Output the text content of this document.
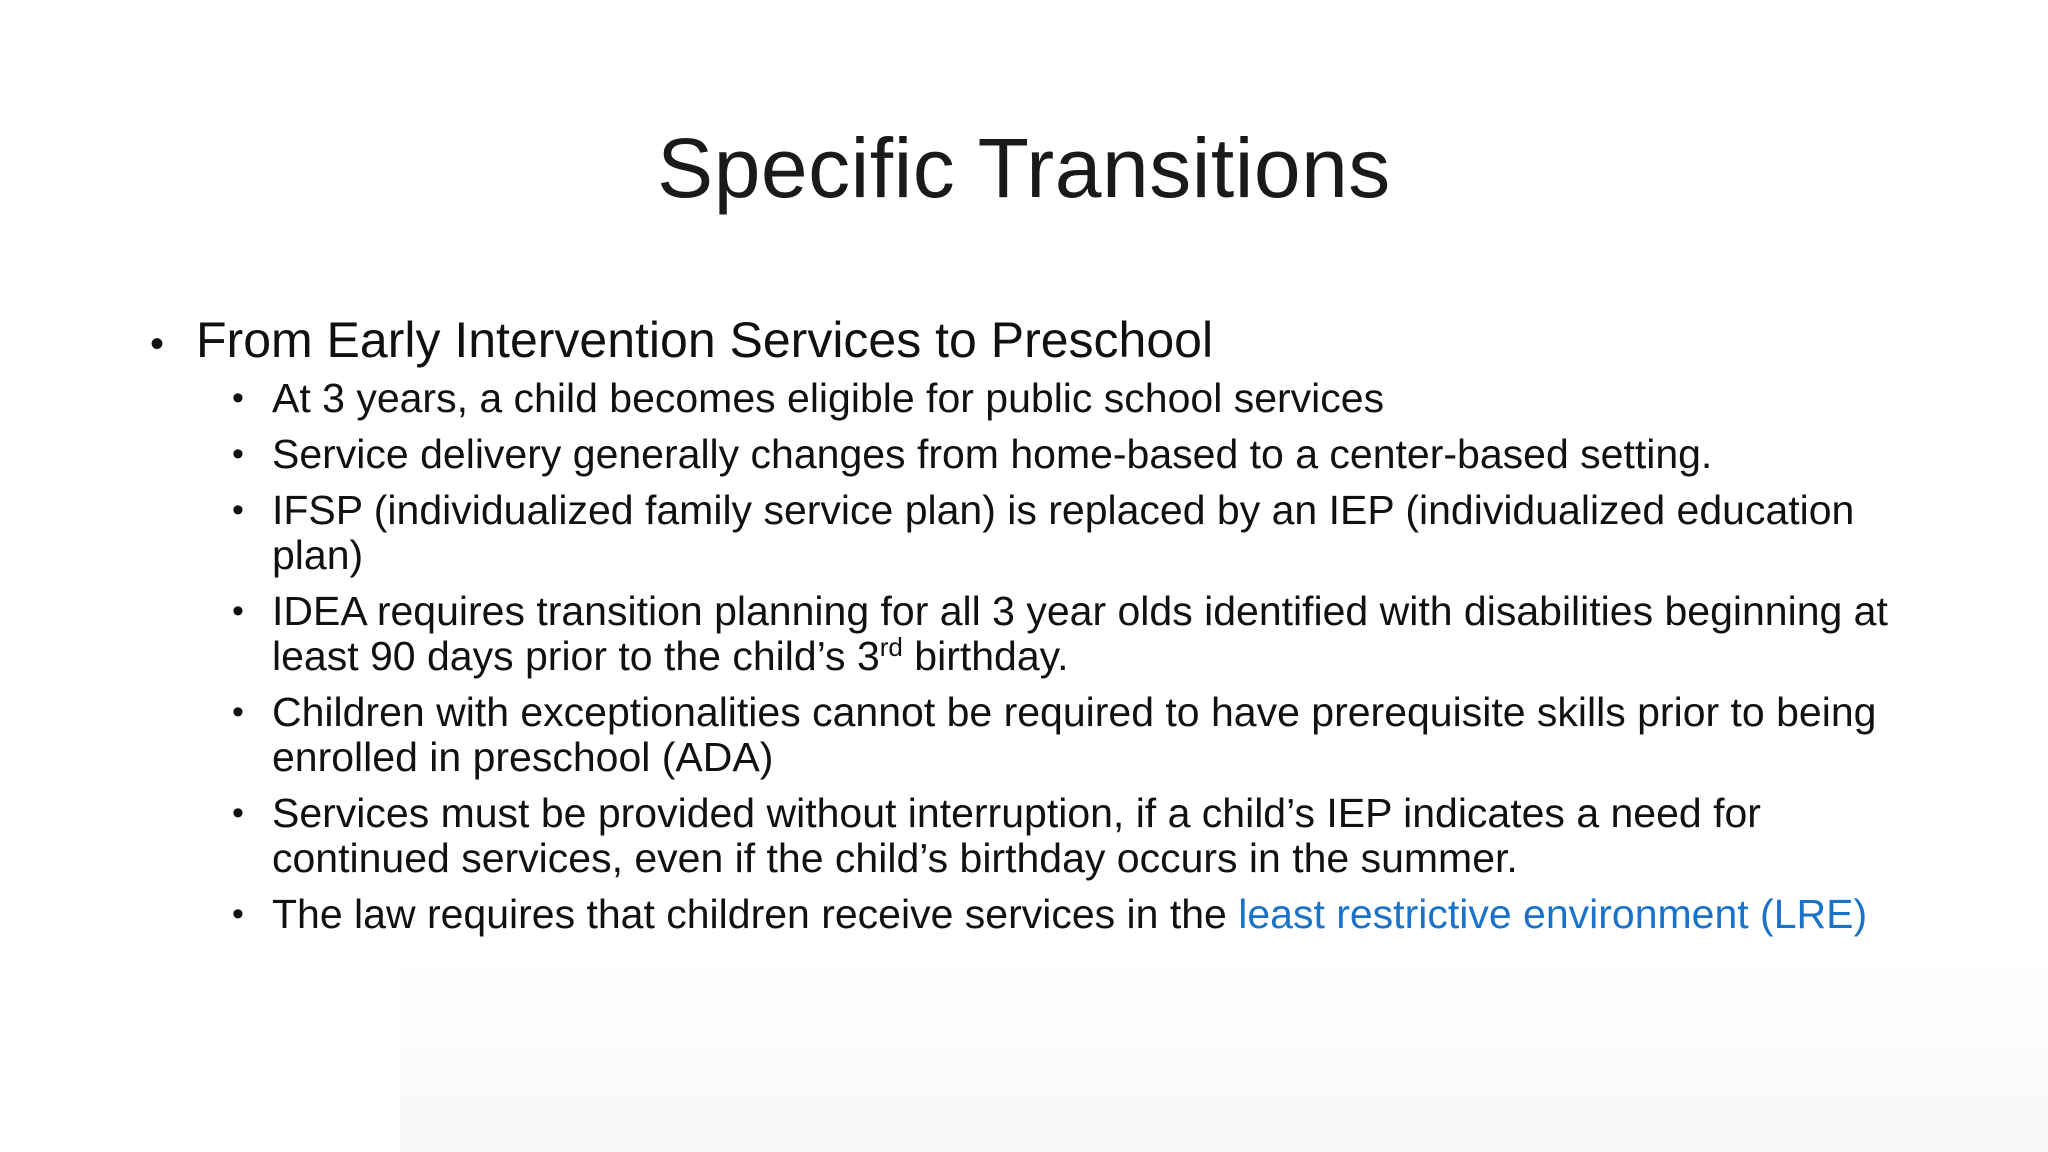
Specific Transitions
• From Early Intervention Services to Preschool
• At 3 years, a child becomes eligible for public school services
• Service delivery generally changes from home-based to a center-based setting.
• IFSP (individualized family service plan) is replaced by an IEP (individualized education plan)
• IDEA requires transition planning for all 3 year olds identified with disabilities beginning at least 90 days prior to the child’s 3rd birthday.
• Children with exceptionalities cannot be required to have prerequisite skills prior to being enrolled in preschool (ADA)
• Services must be provided without interruption, if a child’s IEP indicates a need for continued services, even if the child’s birthday occurs in the summer.
• The law requires that children receive services in the least restrictive environment (LRE)
